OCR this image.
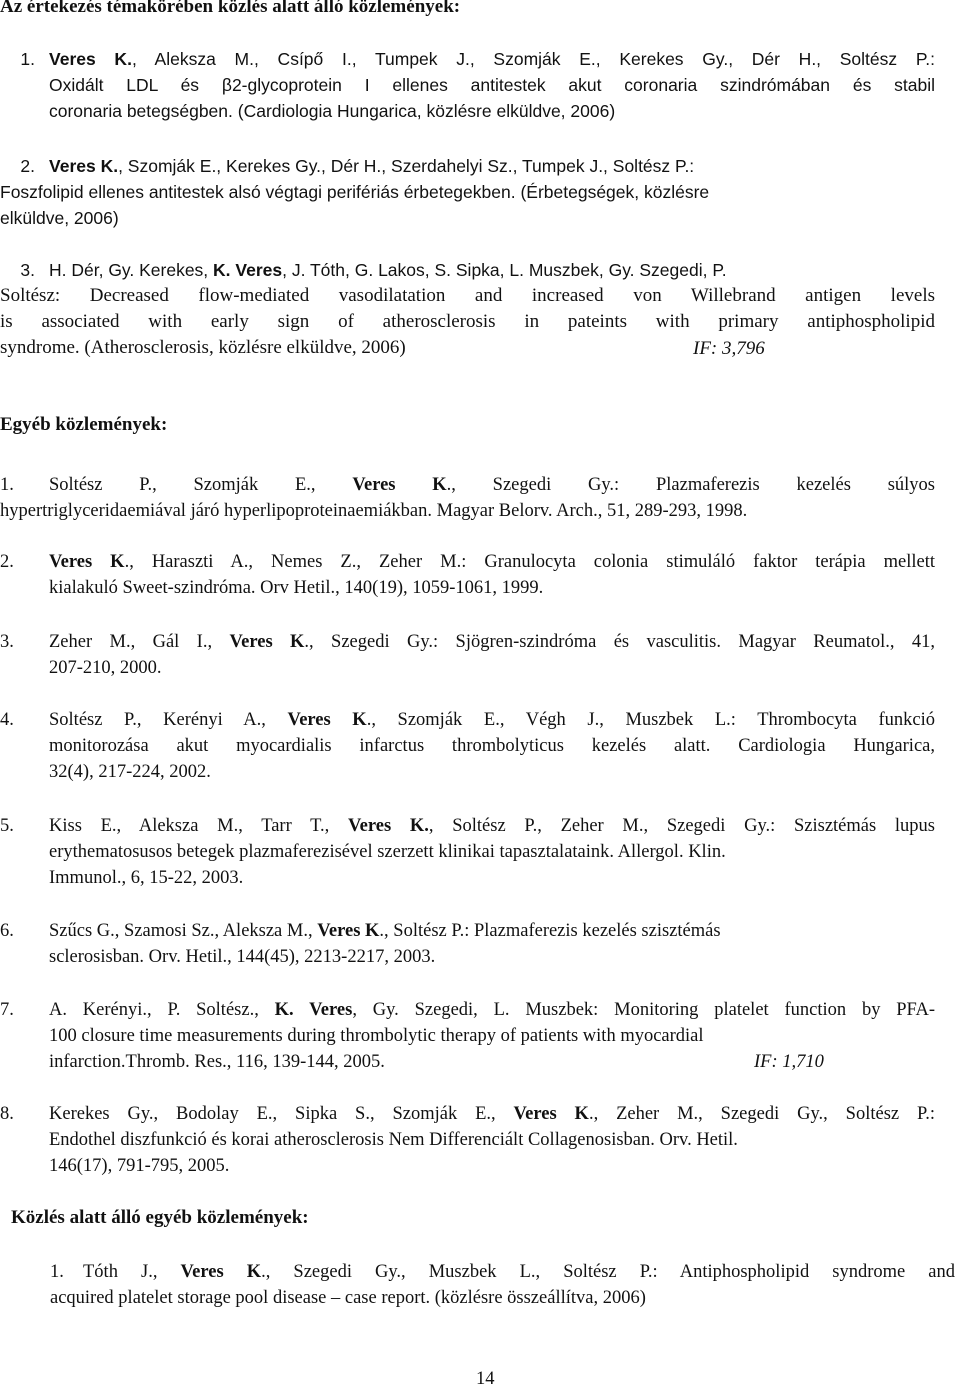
Az értekezés témakörében közlés alatt álló közlemények:
1. Veres K., Aleksza M., Csípő I., Tumpek J., Szomják E., Kerekes Gy., Dér H., Soltész P.:
Oxidált LDL és β2-glycoprotein I ellenes antitestek akut coronaria szindrómában és stabil
coronaria betegségben. (Cardiologia Hungarica, közlésre elküldve, 2006)
2. Veres K., Szomják E., Kerekes Gy., Dér H., Szerdahelyi Sz., Tumpek J., Soltész P.:
Foszfolipid ellenes antitestek alsó végtagi perifériás érbetegekben. (Érbetegségek, közlésre
elküldve, 2006)
3. H. Dér, Gy. Kerekes, K. Veres, J. Tóth, G. Lakos, S. Sipka, L. Muszbek, Gy. Szegedi, P.
Soltész: Decreased flow-mediated vasodilatation and increased von Willebrand antigen levels
is associated with early sign of atherosclerosis in pateints with primary antiphospholipid
syndrome. (Atherosclerosis, közlésre elküldve, 2006)	IF: 3,796
Egyéb közlemények:
1.	Soltész P., Szomják E., Veres K., Szegedi Gy.: Plazmaferezis kezelés súlyos
hypertriglyceridaemiával járó hyperlipoproteinaemiákban. Magyar Belorv. Arch., 51, 289-293, 1998.
2.	Veres K., Haraszti A., Nemes Z., Zeher M.: Granulocyta colonia stimuláló faktor terápia mellett
kialakuló Sweet-szindróma. Orv Hetil., 140(19), 1059-1061, 1999.
3.	Zeher M., Gál I., Veres K., Szegedi Gy.: Sjögren-szindróma és vasculitis. Magyar Reumatol., 41,
207-210, 2000.
4.	Soltész P., Kerényi A., Veres K., Szomják E., Végh J., Muszbek L.: Thrombocyta funkció
monitorozása akut myocardialis infarctus thrombolyticus kezelés alatt. Cardiologia Hungarica,
32(4), 217-224, 2002.
5.	Kiss E., Aleksza M., Tarr T., Veres K., Soltész P., Zeher M., Szegedi Gy.: Szisztémás lupus
erythematosusos betegek plazmaferezisével szerzett klinikai tapasztalataink. Allergol. Klin.
Immunol., 6, 15-22, 2003.
6.	Szűcs G., Szamosi Sz., Aleksza M., Veres K., Soltész P.: Plazmaferezis kezelés szisztémás
sclerosisban. Orv. Hetil., 144(45), 2213-2217, 2003.
7.	A. Kerényi., P. Soltész., K. Veres, Gy. Szegedi, L. Muszbek: Monitoring platelet function by PFA-
100 closure time measurements during thrombolytic therapy of patients with myocardial
infarction.Thromb. Res., 116, 139-144, 2005.	IF: 1,710
8.	Kerekes Gy., Bodolay E., Sipka S., Szomják E., Veres K., Zeher M., Szegedi Gy., Soltész P.:
Endothel diszfunkció és korai atherosclerosis Nem Differenciált Collagenosisban. Orv. Hetil.
146(17), 791-795, 2005.
Közlés alatt álló egyéb közlemények:
1.	Tóth J., Veres K., Szegedi Gy., Muszbek L., Soltész P.: Antiphospholipid syndrome and
acquired platelet storage pool disease – case report. (közlésre összeállítva, 2006)
14
